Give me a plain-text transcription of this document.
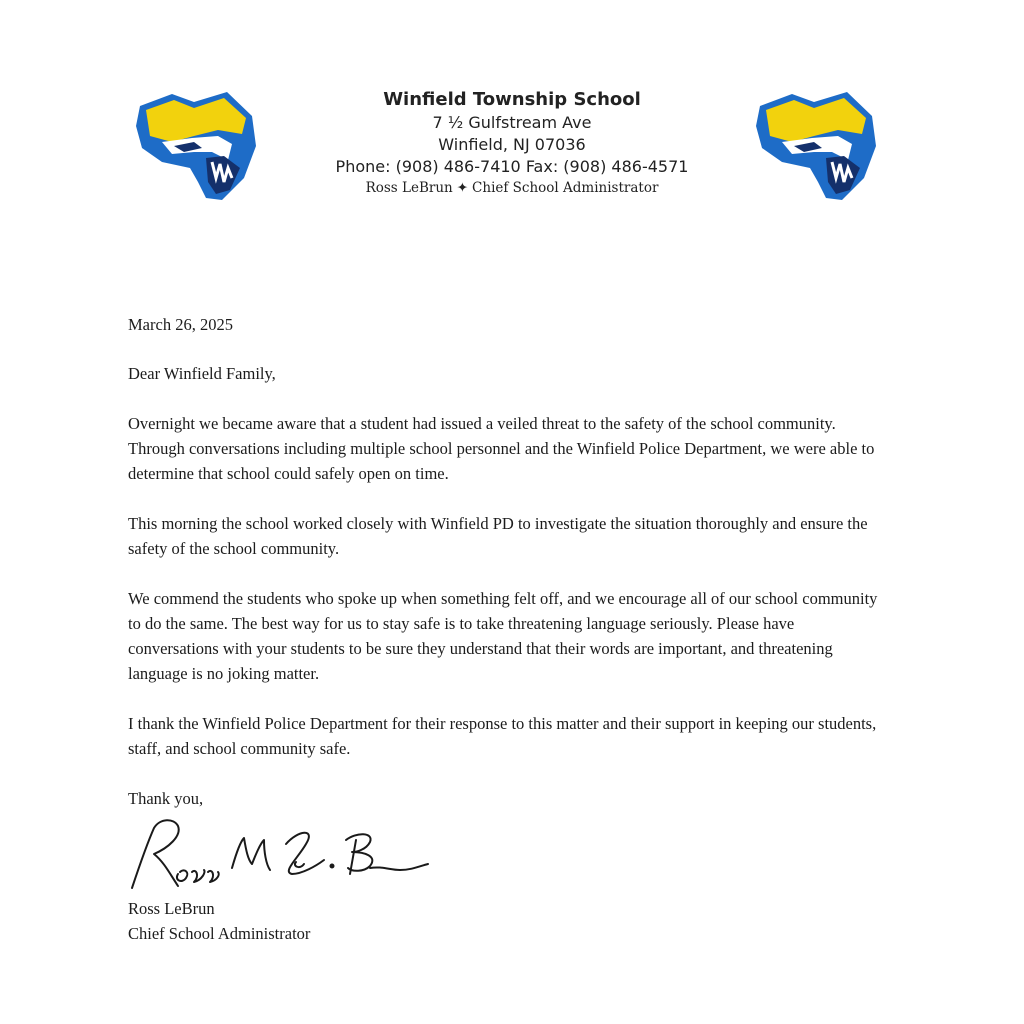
Winfield Township School
7 ½ Gulfstream Ave
Winfield, NJ 07036
Phone: (908) 486-7410 Fax: (908) 486-4571
Ross LeBrun ✦ Chief School Administrator

March 26, 2025

Dear Winfield Family,

Overnight we became aware that a student had issued a veiled threat to the safety of the school community. Through conversations including multiple school personnel and the Winfield Police Department, we were able to determine that school could safely open on time.

This morning the school worked closely with Winfield PD to investigate the situation thoroughly and ensure the safety of the school community.

We commend the students who spoke up when something felt off, and we encourage all of our school community to do the same. The best way for us to stay safe is to take threatening language seriously. Please have conversations with your students to be sure they understand that their words are important, and threatening language is no joking matter.

I thank the Winfield Police Department for their response to this matter and their support in keeping our students, staff, and school community safe.

Thank you,

Ross LeBrun
Chief School Administrator
